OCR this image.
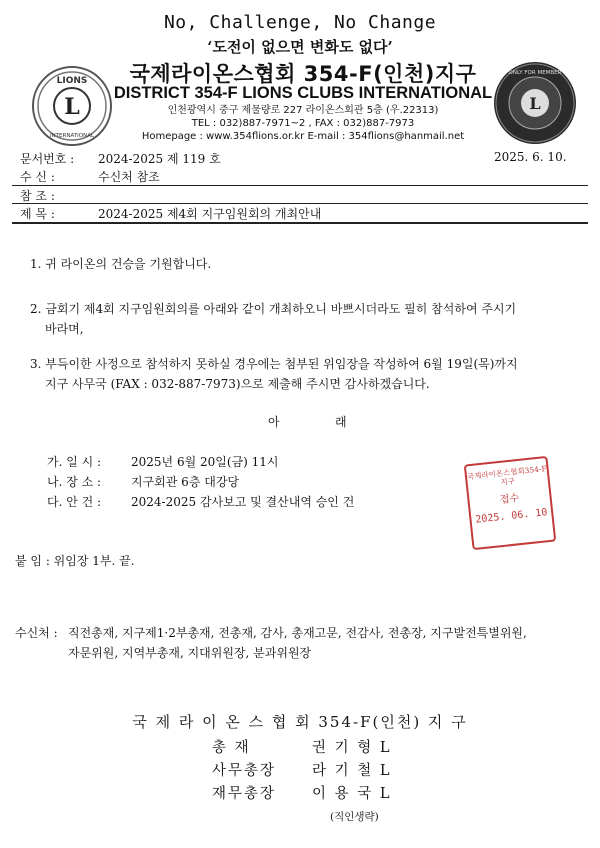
No, Challenge, No Change
‘도전이 없으면 변화도 없다’
L
LIONS
INTERNATIONAL
국제라이온스협회 354-F(인천)지구
DISTRICT 354-F LIONS CLUBS INTERNATIONAL
인천광역시 중구 제물량로 227 라이온스회관 5층 (우.22313)
TEL : 032)887-7971~2 , FAX : 032)887-7973
Homepage : www.354flions.or.kr E-mail : 354flions@hanmail.net
L
ONLY FOR MEMBER
문서번호 : 2024-2025 제 119 호	2025. 6. 10.
수 신 :	수신처 참조
참 조 :
제 목 :	2024-2025 제4회 지구임원회의 개최안내
1. 귀 라이온의 건승을 기원합니다.
2. 금회기 제4회 지구임원회의를 아래와 같이 개최하오니 바쁘시더라도 필히 참석하여 주시기
바라며,
3. 부득이한 사정으로 참석하지 못하실 경우에는 첨부된 위임장을 작성하여 6월 19일(목)까지
지구 사무국 (FAX : 032-887-7973)으로 제출해 주시면 감사하겠습니다.
아	래
가. 일 시 : 2025년 6월 20일(금) 11시
나. 장 소 : 지구회관 6층 대강당
다. 안 건 : 2024-2025 감사보고 및 결산내역 승인 건
국제라이온스협회354-F지구
접수
2025. 06. 10
붙 임 : 위임장 1부. 끝.
수신처 : 직전총재, 지구제1·2부총재, 전총재, 감사, 총재고문, 전감사, 전총장, 지구발전특별위원,
자문위원, 지역부총재, 지대위원장, 분과위원장
국 제 라 이 온 스 협 회 354-F(인천) 지 구
총 재	권 기 형 L
사무총장 라 기 철 L
재무총장 이 용 국 L
(직인생략)
